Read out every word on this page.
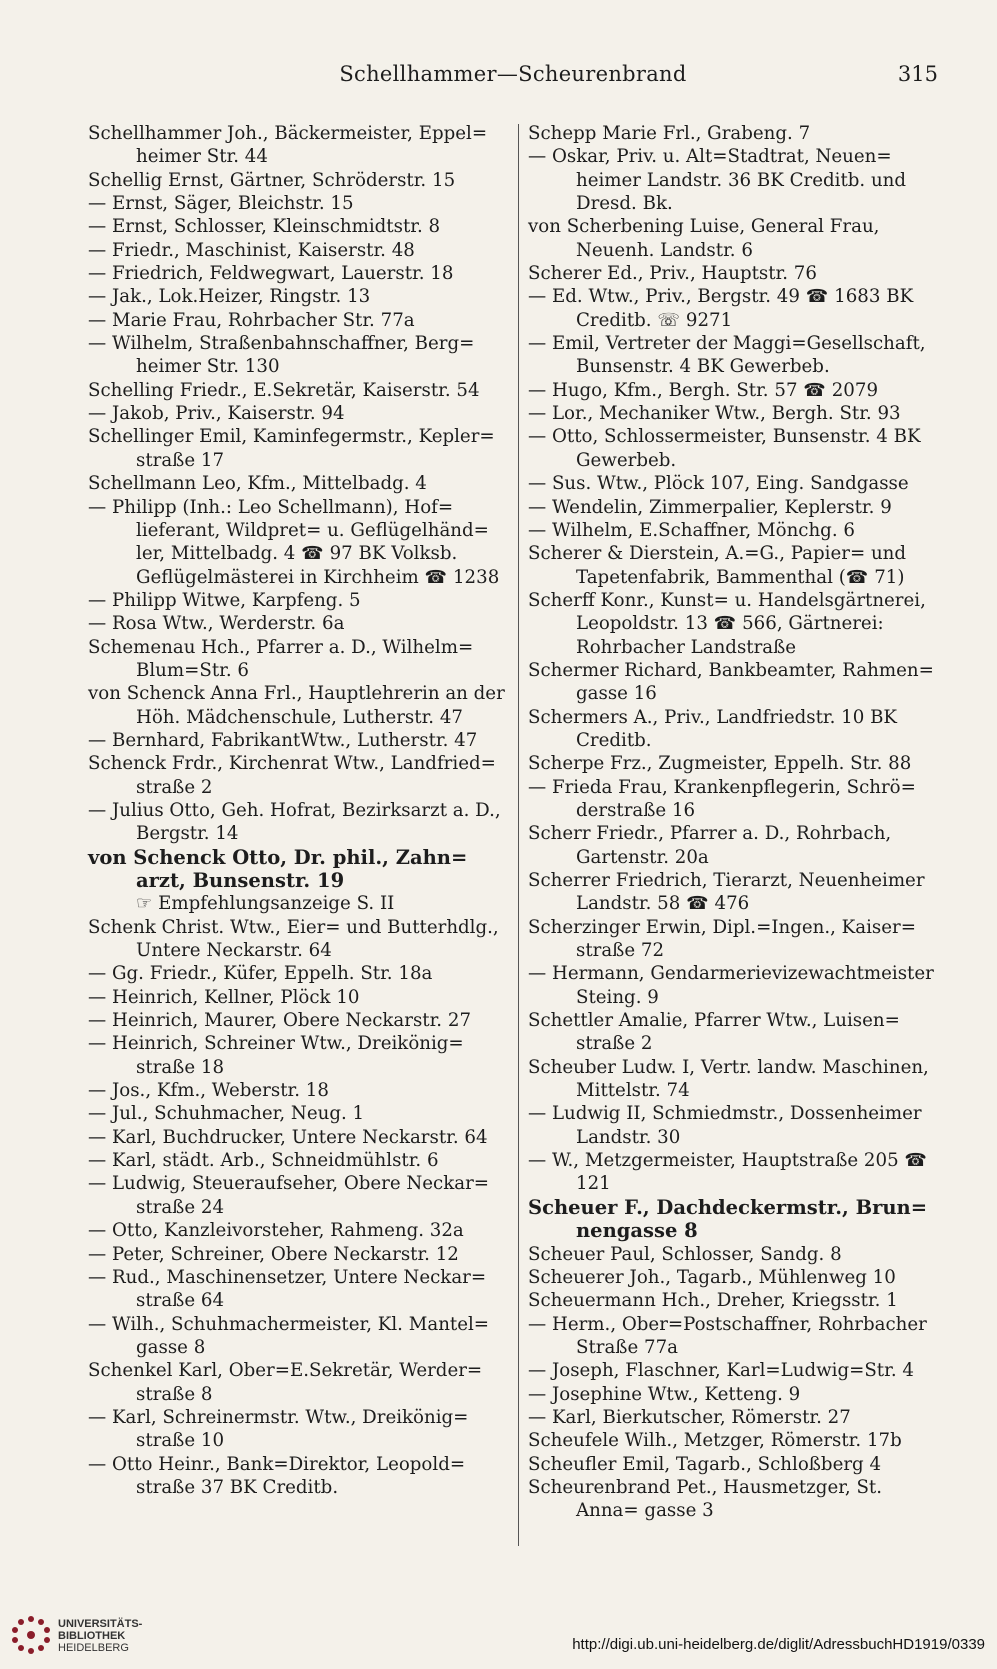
Schellhammer—Scheurenbrand	315
Schellhammer Joh., Bäckermeister, Eppel= heimer Str. 44
Schellig Ernst, Gärtner, Schröderstr. 15
— Ernst, Säger, Bleichstr. 15
— Ernst, Schlosser, Kleinschmidtstr. 8
— Friedr., Maschinist, Kaiserstr. 48
— Friedrich, Feldwegwart, Lauerstr. 18
— Jak., Lok.Heizer, Ringstr. 13
— Marie Frau, Rohrbacher Str. 77a
— Wilhelm, Straßenbahnschaffner, Berg= heimer Str. 130
Schelling Friedr., E.Sekretär, Kaiserstr. 54
— Jakob, Priv., Kaiserstr. 94
Schellinger Emil, Kaminfegermstr., Kepler= straße 17
Schellmann Leo, Kfm., Mittelbadg. 4
— Philipp (Inh.: Leo Schellmann), Hof= lieferant, Wildpret= u. Geflügelhänd= ler, Mittelbadg. 4 ☎ 97 BK Volksb. Geflügelmästerei in Kirchheim ☎ 1238
— Philipp Witwe, Karpfeng. 5
— Rosa Wtw., Werderstr. 6a
Schemenau Hch., Pfarrer a. D., Wilhelm= Blum=Str. 6
von Schenck Anna Frl., Hauptlehrerin an der Höh. Mädchenschule, Lutherstr. 47
— Bernhard, FabrikantWtw., Lutherstr. 47
Schenck Frdr., Kirchenrat Wtw., Landfried= straße 2
— Julius Otto, Geh. Hofrat, Bezirksarzt a. D., Bergstr. 14
von Schenck Otto, Dr. phil., Zahn= arzt, Bunsenstr. 19
☞ Empfehlungsanzeige S. II
Schenk Christ. Wtw., Eier= und Butterhdlg., Untere Neckarstr. 64
— Gg. Friedr., Küfer, Eppelh. Str. 18a
— Heinrich, Kellner, Plöck 10
— Heinrich, Maurer, Obere Neckarstr. 27
— Heinrich, Schreiner Wtw., Dreikönig= straße 18
— Jos., Kfm., Weberstr. 18
— Jul., Schuhmacher, Neug. 1
— Karl, Buchdrucker, Untere Neckarstr. 64
— Karl, städt. Arb., Schneidmühlstr. 6
— Ludwig, Steueraufseher, Obere Neckar= straße 24
— Otto, Kanzleivorsteher, Rahmeng. 32a
— Peter, Schreiner, Obere Neckarstr. 12
— Rud., Maschinensetzer, Untere Neckar= straße 64
— Wilh., Schuhmachermeister, Kl. Mantel= gasse 8
Schenkel Karl, Ober=E.Sekretär, Werder= straße 8
— Karl, Schreinermstr. Wtw., Dreikönig= straße 10
— Otto Heinr., Bank=Direktor, Leopold= straße 37 BK Creditb.
Schepp Marie Frl., Grabeng. 7
— Oskar, Priv. u. Alt=Stadtrat, Neuen= heimer Landstr. 36 BK Creditb. und Dresd. Bk.
von Scherbening Luise, General Frau, Neuenh. Landstr. 6
Scherer Ed., Priv., Hauptstr. 76
— Ed. Wtw., Priv., Bergstr. 49 ☎ 1683 BK Creditb. ☏ 9271
— Emil, Vertreter der Maggi=Gesellschaft, Bunsenstr. 4 BK Gewerbeb.
— Hugo, Kfm., Bergh. Str. 57 ☎ 2079
— Lor., Mechaniker Wtw., Bergh. Str. 93
— Otto, Schlossermeister, Bunsenstr. 4 BK Gewerbeb.
— Sus. Wtw., Plöck 107, Eing. Sandgasse
— Wendelin, Zimmerpalier, Keplerstr. 9
— Wilhelm, E.Schaffner, Mönchg. 6
Scherer & Dierstein, A.=G., Papier= und Tapetenfabrik, Bammenthal (☎ 71)
Scherff Konr., Kunst= u. Handelsgärtnerei, Leopoldstr. 13 ☎ 566, Gärtnerei: Rohrbacher Landstraße
Schermer Richard, Bankbeamter, Rahmen= gasse 16
Schermers A., Priv., Landfriedstr. 10 BK Creditb.
Scherpe Frz., Zugmeister, Eppelh. Str. 88
— Frieda Frau, Krankenpflegerin, Schrö= derstraße 16
Scherr Friedr., Pfarrer a. D., Rohrbach, Gartenstr. 20a
Scherrer Friedrich, Tierarzt, Neuenheimer Landstr. 58 ☎ 476
Scherzinger Erwin, Dipl.=Ingen., Kaiser= straße 72
— Hermann, Gendarmerievizewachtmeister Steing. 9
Schettler Amalie, Pfarrer Wtw., Luisen= straße 2
Scheuber Ludw. I, Vertr. landw. Maschinen, Mittelstr. 74
— Ludwig II, Schmiedmstr., Dossenheimer Landstr. 30
— W., Metzgermeister, Hauptstraße 205 ☎ 121
Scheuer F., Dachdeckermstr., Brun= nengasse 8
Scheuer Paul, Schlosser, Sandg. 8
Scheuerer Joh., Tagarb., Mühlenweg 10
Scheuermann Hch., Dreher, Kriegsstr. 1
— Herm., Ober=Postschaffner, Rohrbacher Straße 77a
— Joseph, Flaschner, Karl=Ludwig=Str. 4
— Josephine Wtw., Ketteng. 9
— Karl, Bierkutscher, Römerstr. 27
Scheufele Wilh., Metzger, Römerstr. 17b
Scheufler Emil, Tagarb., Schloßberg 4
Scheurenbrand Pet., Hausmetzger, St. Anna= gasse 3
UNIVERSITÄTS-
BIBLIOTHEK
HEIDELBERG	http://digi.ub.uni-heidelberg.de/diglit/AdressbuchHD1919/0339
